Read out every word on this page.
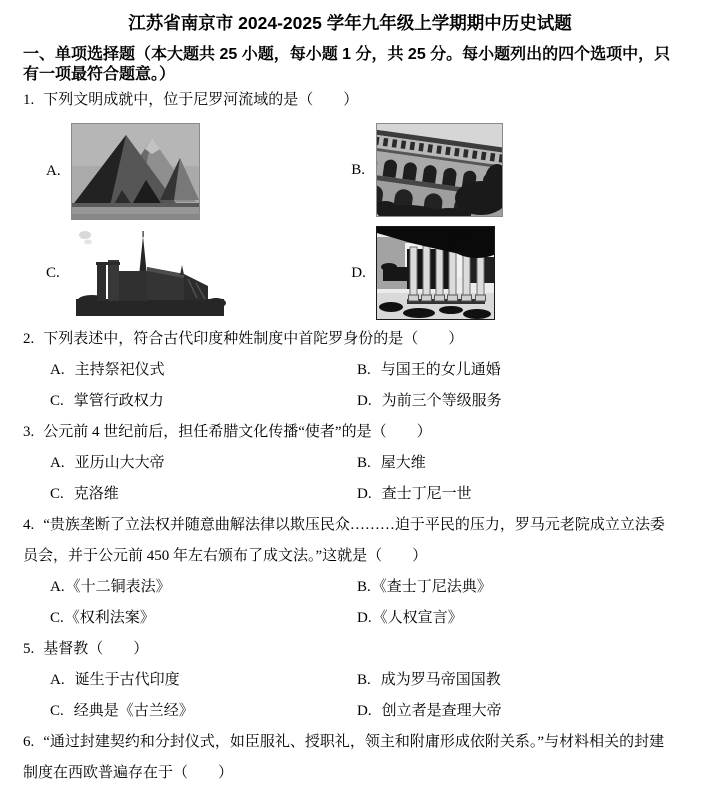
江苏省南京市 2024-2025 学年九年级上学期期中历史试题

一、单项选择题（本大题共 25 小题，每小题 1 分，共 25 分。每小题列出的四个选项中，只有一项最符合题意。）

1. 下列文明成就中，位于尼罗河流域的是（　　）

A.	B.
C.	D.

2. 下列表述中，符合古代印度种姓制度中首陀罗身份的是（　　）

A. 主持祭祀仪式	B. 与国王的女儿通婚

C. 掌管行政权力	D. 为前三个等级服务

3. 公元前 4 世纪前后，担任希腊文化传播“使者”的是（　　）

A. 亚历山大大帝	B. 屋大维

C. 克洛维	D. 查士丁尼一世

4. “贵族垄断了立法权并随意曲解法律以欺压民众………迫于平民的压力，罗马元老院成立立法委员会，并于公元前 450 年左右颁布了成文法。”这就是（　　）

A.《十二铜表法》	B.《查士丁尼法典》

C.《权利法案》	D.《人权宣言》

5. 基督教（　　）

A. 诞生于古代印度	B. 成为罗马帝国国教

C. 经典是《古兰经》	D. 创立者是查理大帝

6. “通过封建契约和分封仪式，如臣服礼、授职礼，领主和附庸形成依附关系。”与材料相关的封建制度在西欧普遍存在于（　　）
